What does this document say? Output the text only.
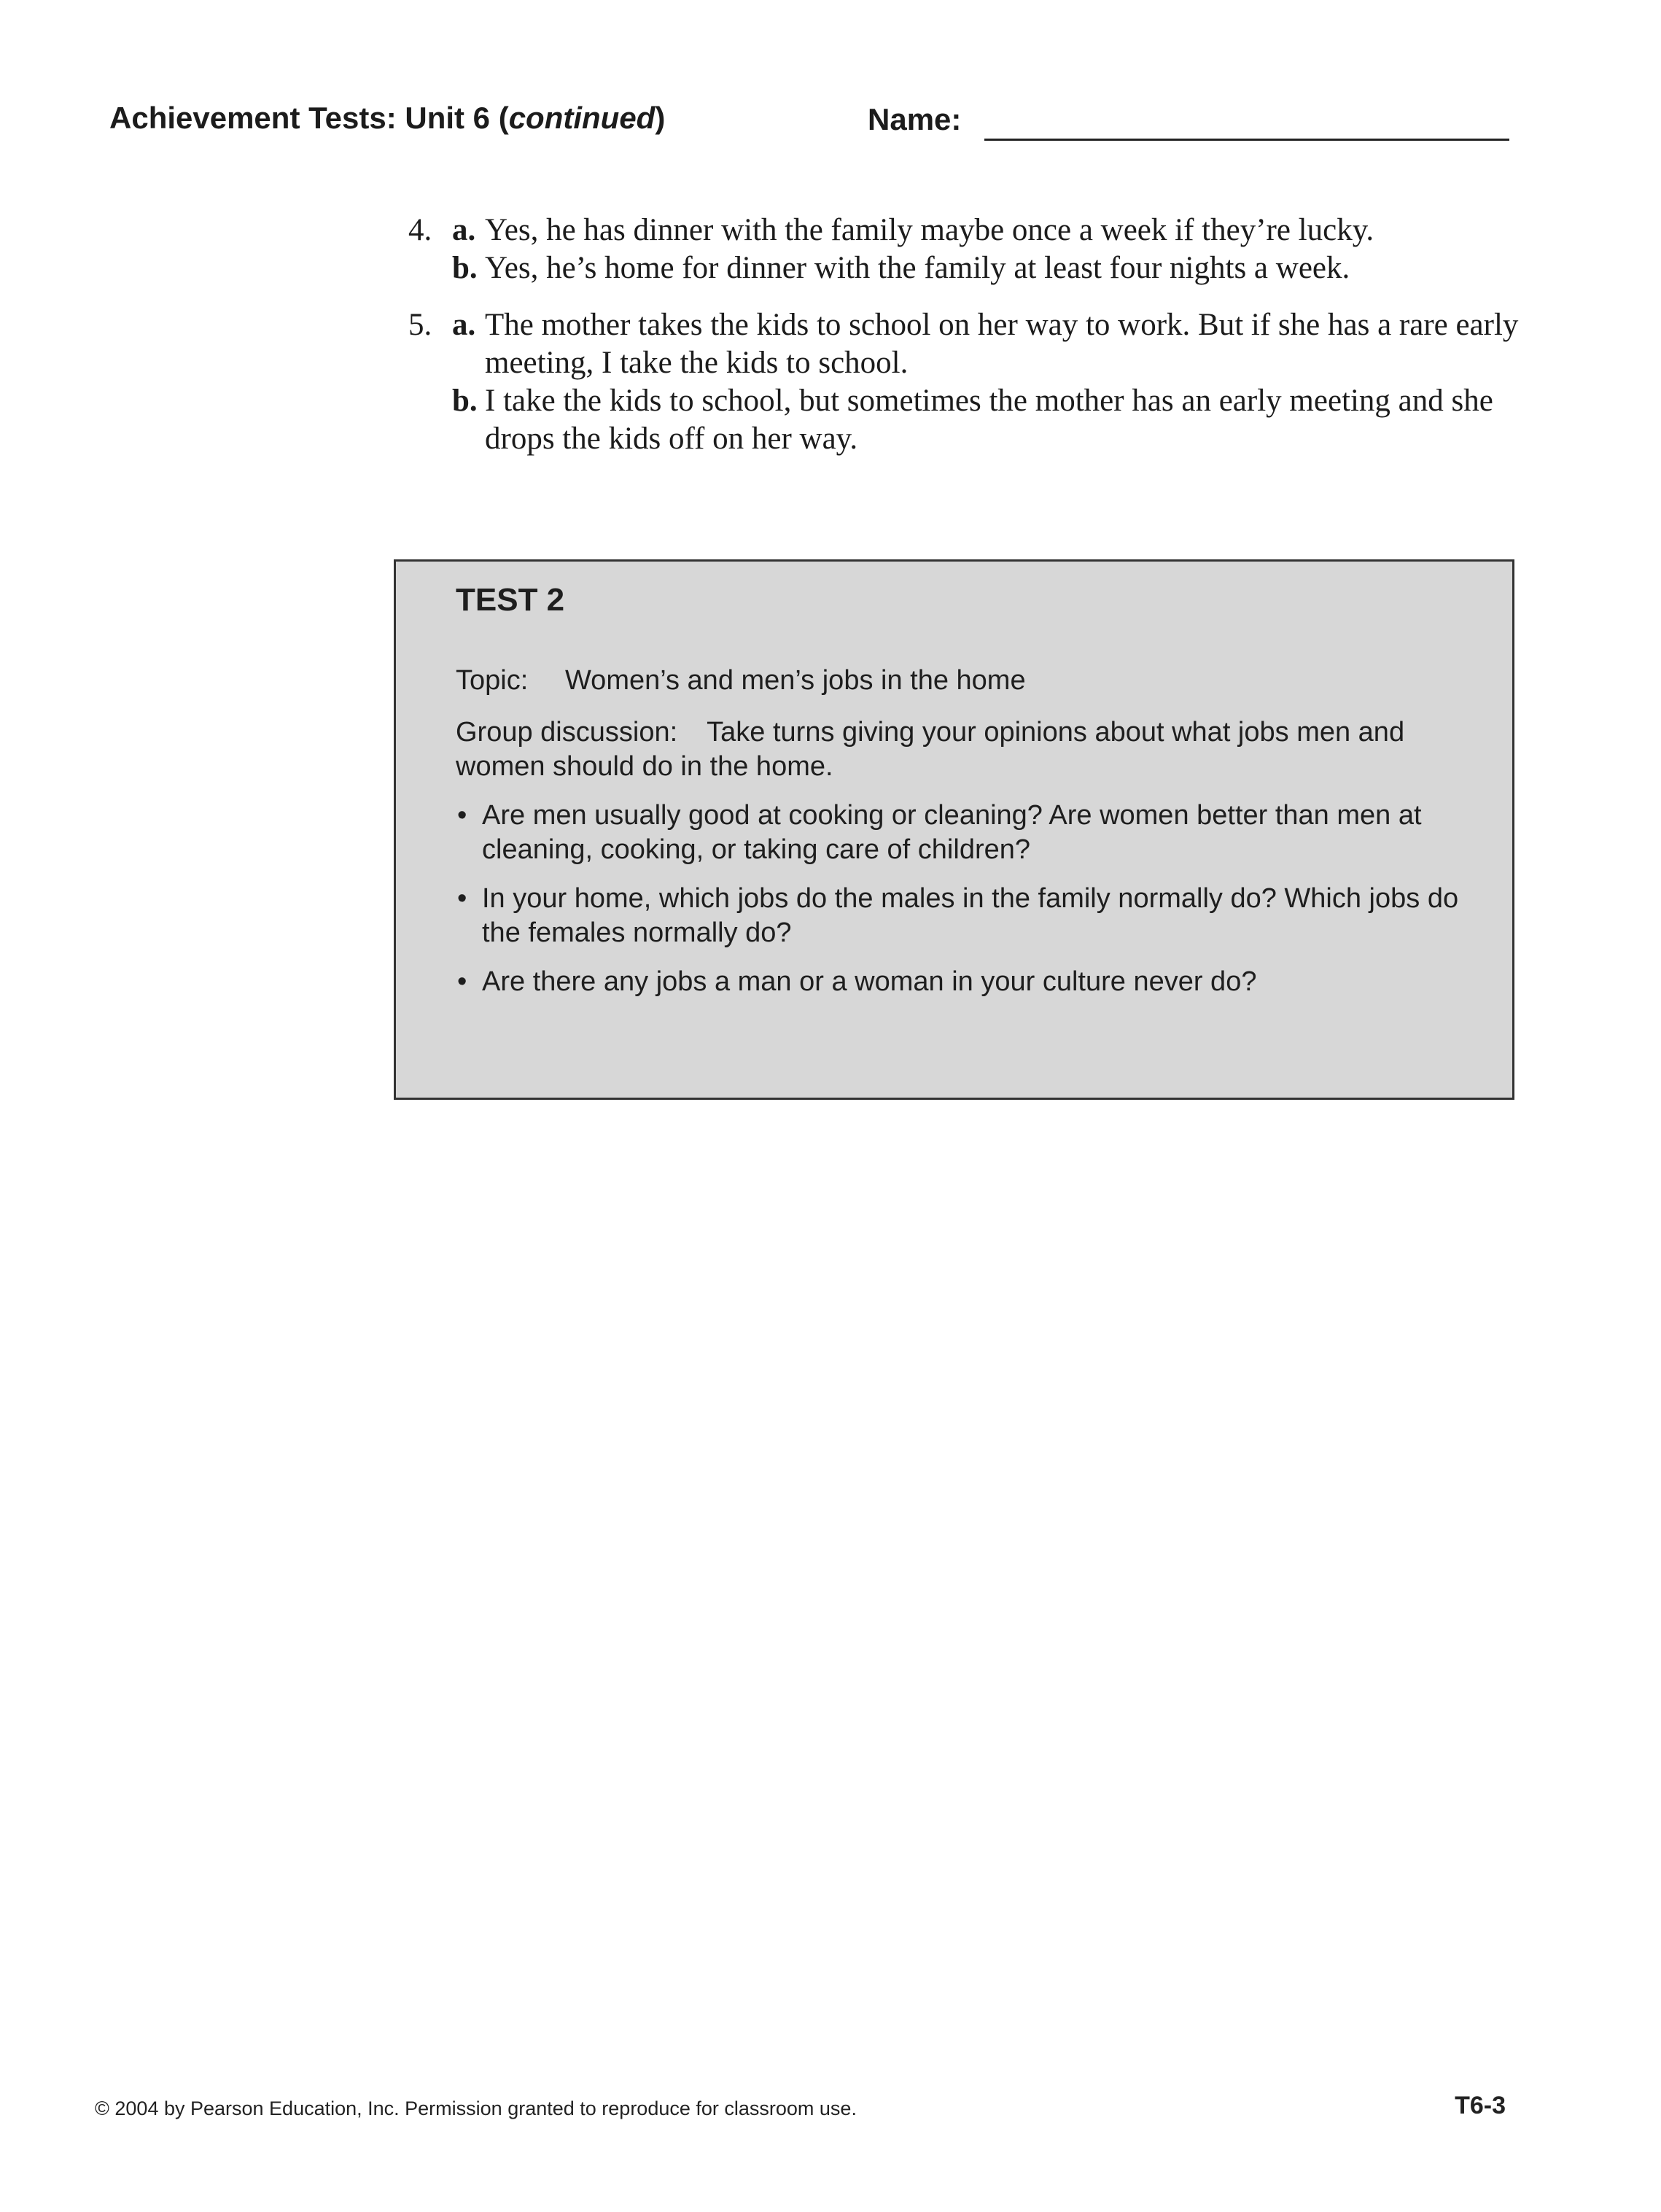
Achievement Tests: Unit 6 (continued)	Name:
4. a. Yes, he has dinner with the family maybe once a week if they’re lucky.
b. Yes, he’s home for dinner with the family at least four nights a week.
5. a. The mother takes the kids to school on her way to work. But if she has a rare early meeting, I take the kids to school.
b. I take the kids to school, but sometimes the mother has an early meeting and she drops the kids off on her way.
TEST 2
Topic: Women’s and men’s jobs in the home
Group discussion: Take turns giving your opinions about what jobs men and women should do in the home.
• Are men usually good at cooking or cleaning? Are women better than men at cleaning, cooking, or taking care of children?
• In your home, which jobs do the males in the family normally do? Which jobs do the females normally do?
• Are there any jobs a man or a woman in your culture never do?
© 2004 by Pearson Education, Inc. Permission granted to reproduce for classroom use.	T6-3
